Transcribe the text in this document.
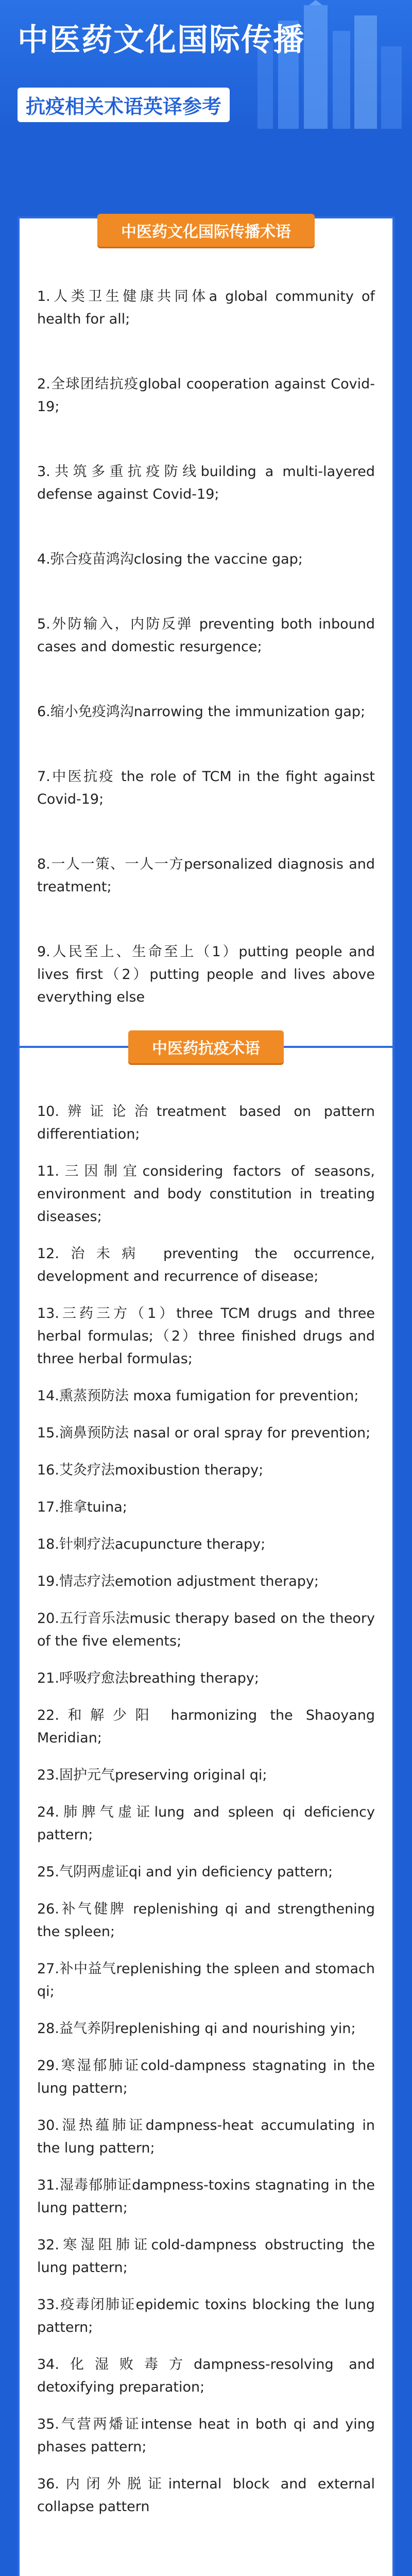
中医药文化国际传播
抗疫相关术语英译参考

1.人类卫生健康共同体a global community of health for all;

2.全球团结抗疫global cooperation against Covid-19;

3.共筑多重抗疫防线building a multi-layered defense against Covid-19;

4.弥合疫苗鸿沟closing the vaccine gap;

5.外防输入，内防反弹 preventing both inbound cases and domestic resurgence;

6.缩小免疫鸿沟narrowing the immunization gap;

7.中医抗疫 the role of TCM in the fight against Covid-19;

8.一人一策、一人一方personalized diagnosis and treatment;

9.人民至上、生命至上（1）putting people and lives first（2）putting people and lives above everything else

中医药文化国际传播术语

10.辨证论治treatment based on pattern differentiation;

11.三因制宜considering factors of seasons, environment and body constitution in treating diseases;

12.治未病 preventing the occurrence, development and recurrence of disease;

13.三药三方（1）three TCM drugs and three herbal formulas;（2）three finished drugs and three herbal formulas;

14.熏蒸预防法 moxa fumigation for prevention;

15.滴鼻预防法 nasal or oral spray for prevention;

16.艾灸疗法moxibustion therapy;

17.推拿tuina;

18.针刺疗法acupuncture therapy;

19.情志疗法emotion adjustment therapy;

20.五行音乐法music therapy based on the theory of the five elements;

21.呼吸疗愈法breathing therapy;

22.和解少阳 harmonizing the Shaoyang Meridian;

23.固护元气preserving original qi;

24.肺脾气虚证lung and spleen qi deficiency pattern;

25.气阴两虚证qi and yin deficiency pattern;

26.补气健脾 replenishing qi and strengthening the spleen;

27.补中益气replenishing the spleen and stomach qi;

28.益气养阴replenishing qi and nourishing yin;

29.寒湿郁肺证cold-dampness stagnating in the lung pattern;

30.湿热蕴肺证dampness-heat accumulating in the lung pattern;

31.湿毒郁肺证dampness-toxins stagnating in the lung pattern;

32.寒湿阻肺证cold-dampness obstructing the lung pattern;

33.疫毒闭肺证epidemic toxins blocking the lung pattern;

34.化湿败毒方dampness-resolving and detoxifying preparation;

35.气营两燔证intense heat in both qi and ying phases pattern;

36.内闭外脱证internal block and external collapse pattern

中医药抗疫术语
